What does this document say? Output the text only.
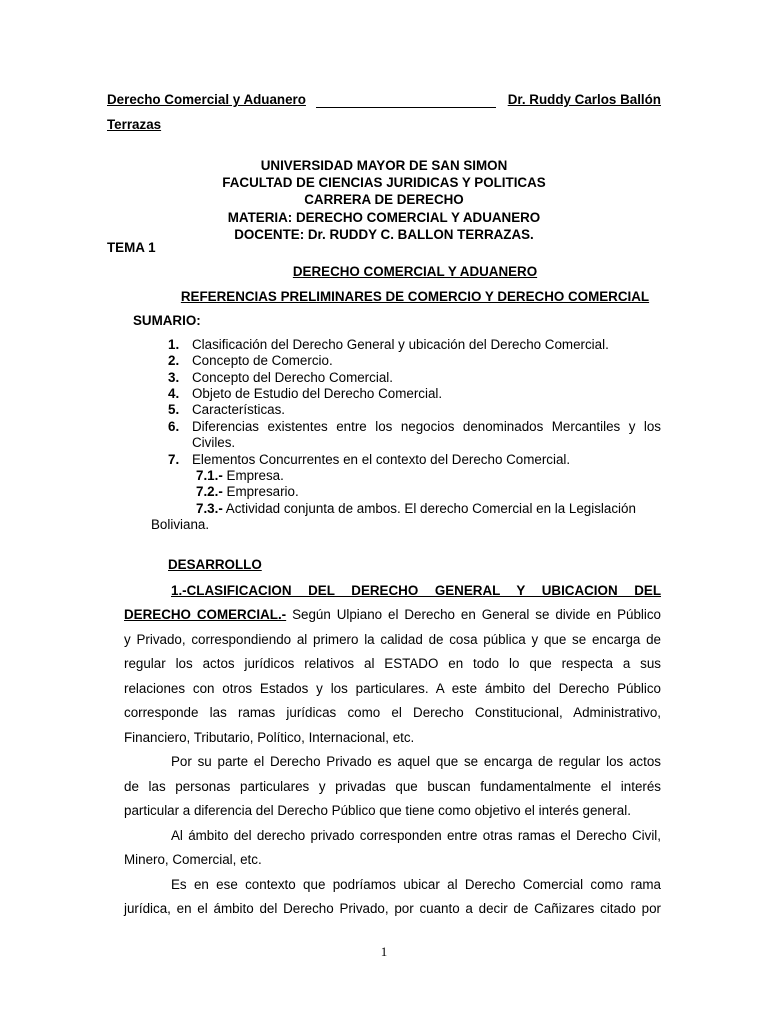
Derecho Comercial y Aduanero	Dr. Ruddy Carlos Ballón
Terrazas
UNIVERSIDAD MAYOR DE SAN SIMON
FACULTAD DE CIENCIAS JURIDICAS Y POLITICAS
CARRERA DE DERECHO
MATERIA: DERECHO COMERCIAL Y ADUANERO
DOCENTE: Dr. RUDDY C. BALLON TERRAZAS.
TEMA 1
DERECHO COMERCIAL Y ADUANERO
REFERENCIAS PRELIMINARES DE COMERCIO Y DERECHO COMERCIAL
SUMARIO:
1. Clasificación del Derecho General y ubicación del Derecho Comercial.
2. Concepto de Comercio.
3. Concepto del Derecho Comercial.
4. Objeto de Estudio del Derecho Comercial.
5. Características.
6. Diferencias existentes entre los negocios denominados Mercantiles y los
Civiles.
7. Elementos Concurrentes en el contexto del Derecho Comercial.
7.1.- Empresa.
7.2.- Empresario.
7.3.- Actividad conjunta de ambos. El derecho Comercial en la Legislación
Boliviana.
DESARROLLO
1.-CLASIFICACION DEL DERECHO GENERAL Y UBICACION DEL
DERECHO COMERCIAL.- Según Ulpiano el Derecho en General se divide en Público
y Privado, correspondiendo al primero la calidad de cosa pública y que se encarga de
regular los actos jurídicos relativos al ESTADO en todo lo que respecta a sus
relaciones con otros Estados y los particulares. A este ámbito del Derecho Público
corresponde las ramas jurídicas como el Derecho Constitucional, Administrativo,
Financiero, Tributario, Político, Internacional, etc.
Por su parte el Derecho Privado es aquel que se encarga de regular los actos
de las personas particulares y privadas que buscan fundamentalmente el interés
particular a diferencia del Derecho Público que tiene como objetivo el interés general.
Al ámbito del derecho privado corresponden entre otras ramas el Derecho Civil,
Minero, Comercial, etc.
Es en ese contexto que podríamos ubicar al Derecho Comercial como rama
jurídica, en el ámbito del Derecho Privado, por cuanto a decir de Cañizares citado por
1
